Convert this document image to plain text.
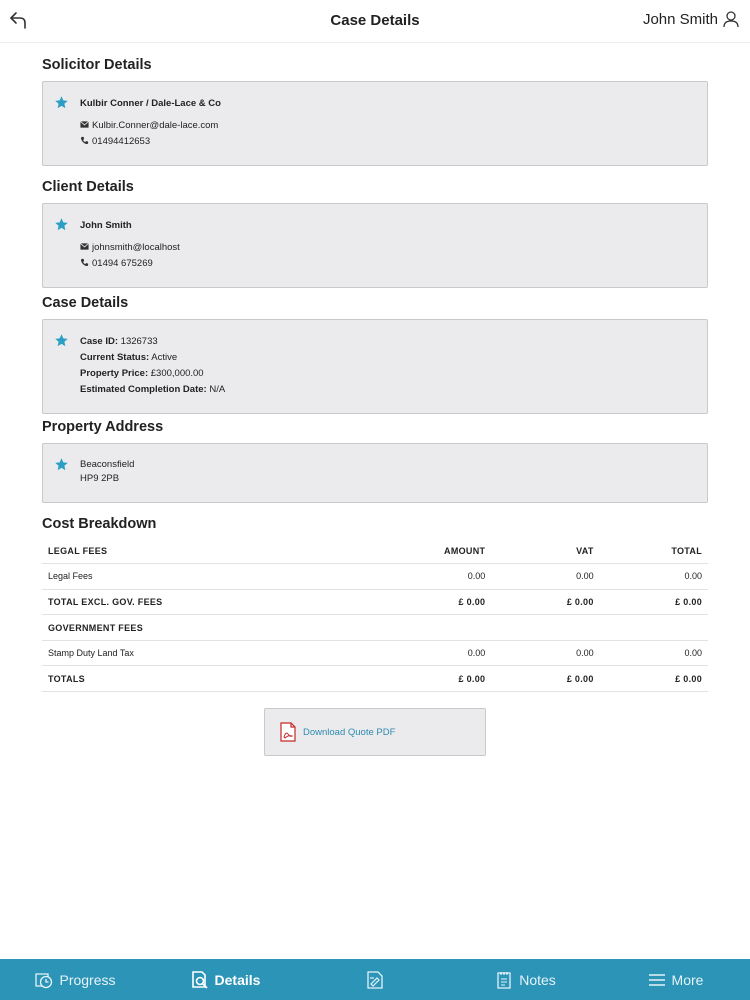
Case Details	John Smith
Solicitor Details
Kulbir Conner / Dale-Lace & Co
Kulbir.Conner@dale-lace.com
01494412653
Client Details
John Smith
johnsmith@localhost
01494 675269
Case Details
Case ID: 1326733
Current Status: Active
Property Price: £300,000.00
Estimated Completion Date: N/A
Property Address
Beaconsfield
HP9 2PB
Cost Breakdown
LEGAL FEES	AMOUNT	VAT	TOTAL
Legal Fees	0.00	0.00	0.00
TOTAL EXCL. GOV. FEES	£ 0.00	£ 0.00	£ 0.00
GOVERNMENT FEES			
Stamp Duty Land Tax	0.00	0.00	0.00
TOTALS	£ 0.00	£ 0.00	£ 0.00
Download Quote PDF
Progress	Details	Notes	More
